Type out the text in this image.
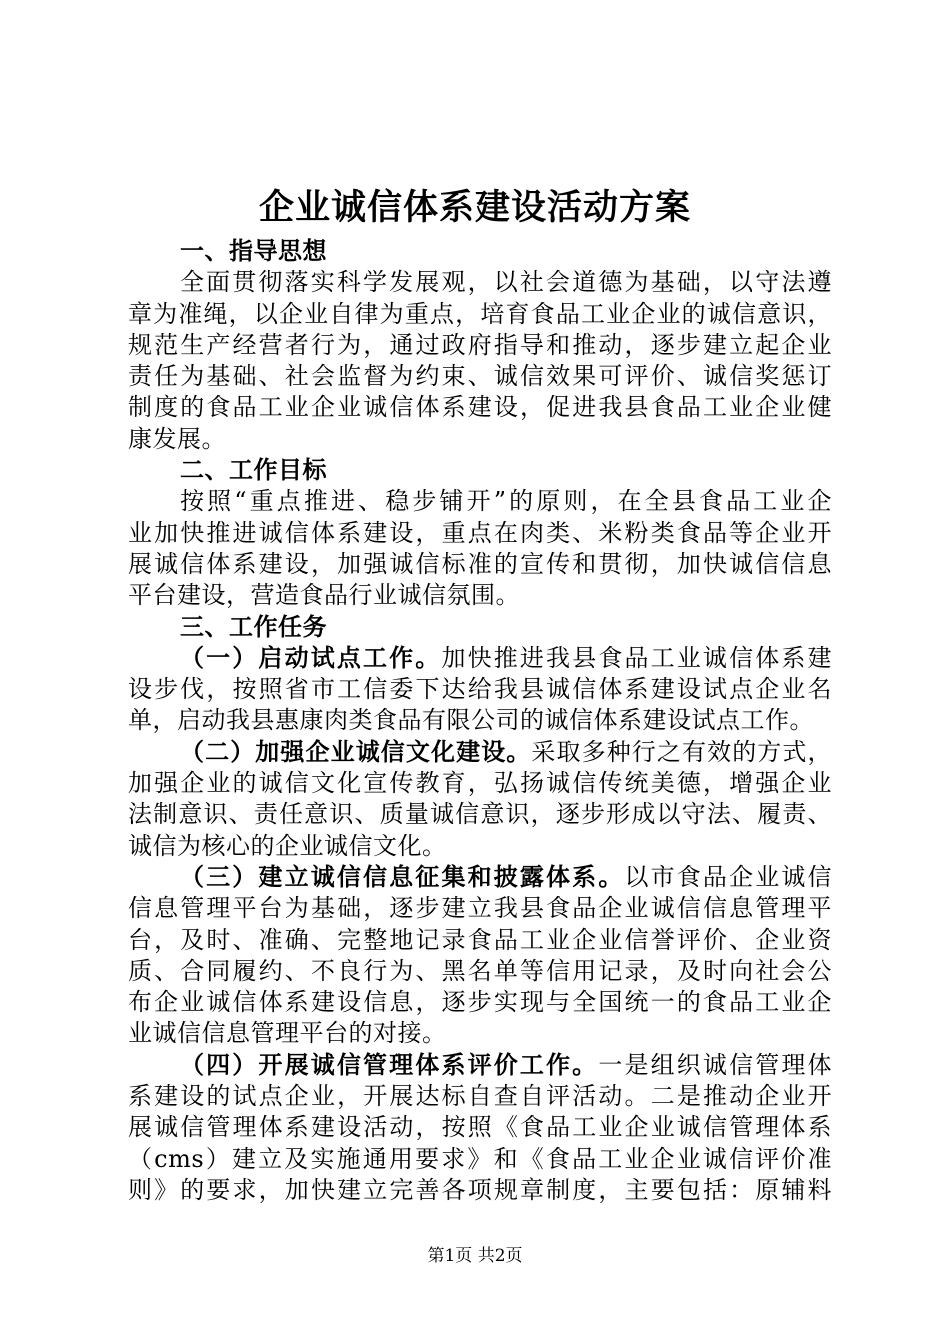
企业诚信体系建设活动方案
一、指导思想
全面贯彻落实科学发展观，以社会道德为基础，以守法遵
章为准绳，以企业自律为重点，培育食品工业企业的诚信意识，
规范生产经营者行为，通过政府指导和推动，逐步建立起企业
责任为基础、社会监督为约束、诚信效果可评价、诚信奖惩订
制度的食品工业企业诚信体系建设，促进我县食品工业企业健
康发展。
二、工作目标
按照“重点推进、稳步铺开”的原则，在全县食品工业企
业加快推进诚信体系建设，重点在肉类、米粉类食品等企业开
展诚信体系建设，加强诚信标准的宣传和贯彻，加快诚信信息
平台建设，营造食品行业诚信氛围。
三、工作任务
（一）启动试点工作。加快推进我县食品工业诚信体系建
设步伐，按照省市工信委下达给我县诚信体系建设试点企业名
单，启动我县惠康肉类食品有限公司的诚信体系建设试点工作。
（二）加强企业诚信文化建设。采取多种行之有效的方式，
加强企业的诚信文化宣传教育，弘扬诚信传统美德，增强企业
法制意识、责任意识、质量诚信意识，逐步形成以守法、履责、
诚信为核心的企业诚信文化。
（三）建立诚信信息征集和披露体系。以市食品企业诚信
信息管理平台为基础，逐步建立我县食品企业诚信信息管理平
台，及时、准确、完整地记录食品工业企业信誉评价、企业资
质、合同履约、不良行为、黑名单等信用记录，及时向社会公
布企业诚信体系建设信息，逐步实现与全国统一的食品工业企
业诚信信息管理平台的对接。
（四）开展诚信管理体系评价工作。一是组织诚信管理体
系建设的试点企业，开展达标自查自评活动。二是推动企业开
展诚信管理体系建设活动，按照《食品工业企业诚信管理体系
（cms）建立及实施通用要求》和《食品工业企业诚信评价准
则》的要求，加快建立完善各项规章制度，主要包括：原辅料
第1页 共2页
